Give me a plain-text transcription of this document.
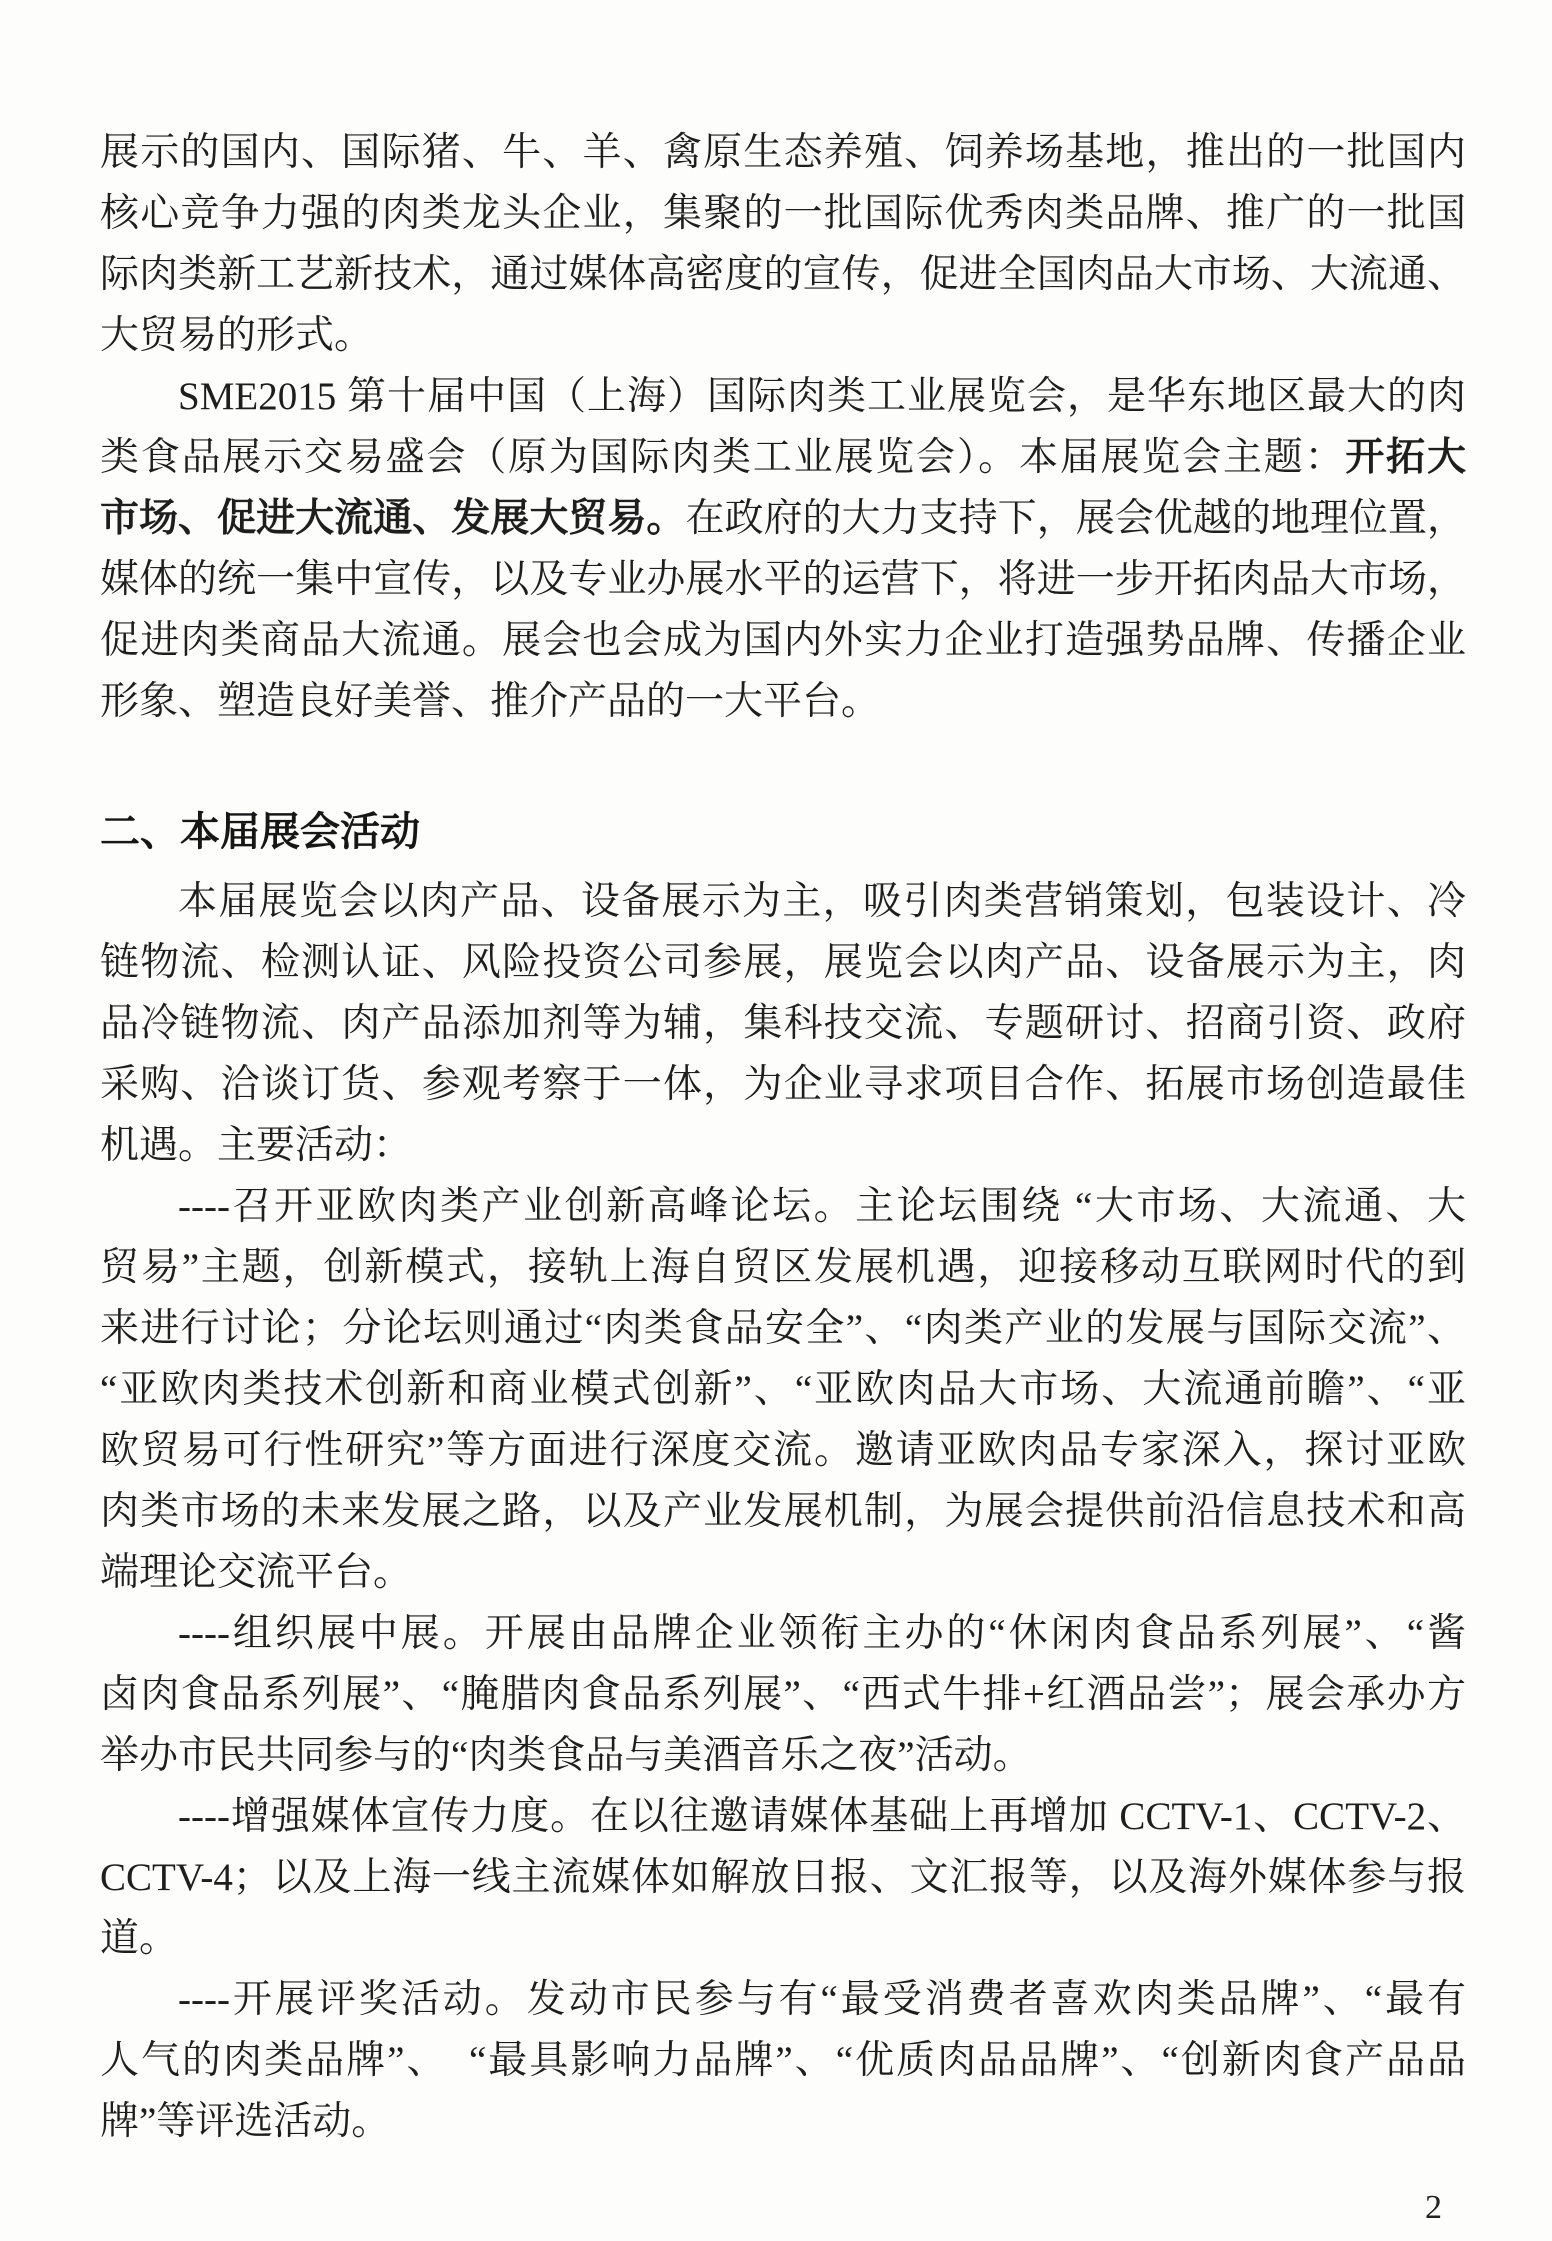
展示的国内、国际猪、牛、羊、禽原生态养殖、饲养场基地，推出的一批国内
核心竞争力强的肉类龙头企业，集聚的一批国际优秀肉类品牌、推广的一批国
际肉类新工艺新技术，通过媒体高密度的宣传，促进全国肉品大市场、大流通、
大贸易的形式。
SME2015 第十届中国（上海）国际肉类工业展览会，是华东地区最大的肉
类食品展示交易盛会（原为国际肉类工业展览会）。本届展览会主题：开拓大
市场、促进大流通、发展大贸易。在政府的大力支持下，展会优越的地理位置，
媒体的统一集中宣传，以及专业办展水平的运营下，将进一步开拓肉品大市场，
促进肉类商品大流通。展会也会成为国内外实力企业打造强势品牌、传播企业
形象、塑造良好美誉、推介产品的一大平台。
二、本届展会活动
本届展览会以肉产品、设备展示为主，吸引肉类营销策划，包装设计、冷
链物流、检测认证、风险投资公司参展，展览会以肉产品、设备展示为主，肉
品冷链物流、肉产品添加剂等为辅，集科技交流、专题研讨、招商引资、政府
采购、洽谈订货、参观考察于一体，为企业寻求项目合作、拓展市场创造最佳
机遇。主要活动：
----召开亚欧肉类产业创新高峰论坛。主论坛围绕 “大市场、大流通、大
贸易”主题，创新模式，接轨上海自贸区发展机遇，迎接移动互联网时代的到
来进行讨论；分论坛则通过“肉类食品安全”、“肉类产业的发展与国际交流”、
“亚欧肉类技术创新和商业模式创新”、“亚欧肉品大市场、大流通前瞻”、“亚
欧贸易可行性研究”等方面进行深度交流。邀请亚欧肉品专家深入，探讨亚欧
肉类市场的未来发展之路，以及产业发展机制，为展会提供前沿信息技术和高
端理论交流平台。
----组织展中展。开展由品牌企业领衔主办的“休闲肉食品系列展”、“酱
卤肉食品系列展”、“腌腊肉食品系列展”、“西式牛排+红酒品尝”；展会承办方
举办市民共同参与的“肉类食品与美酒音乐之夜”活动。
----增强媒体宣传力度。在以往邀请媒体基础上再增加 CCTV-1、CCTV-2、
CCTV-4；以及上海一线主流媒体如解放日报、文汇报等，以及海外媒体参与报
道。
----开展评奖活动。发动市民参与有“最受消费者喜欢肉类品牌”、“最有
人气的肉类品牌”、　“最具影响力品牌”、“优质肉品品牌”、“创新肉食产品品
牌”等评选活动。
2
